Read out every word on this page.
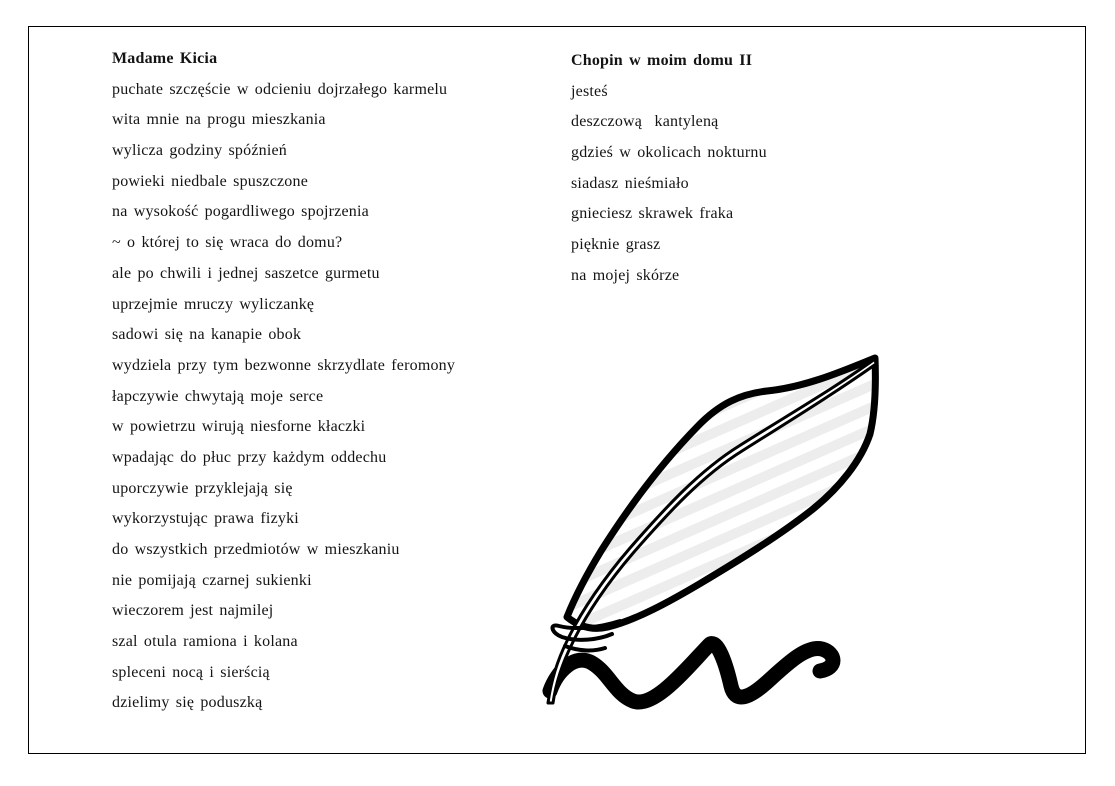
Madame Kicia
puchate szczęście w odcieniu dojrzałego karmelu
wita mnie na progu mieszkania
wylicza godziny spóźnień
powieki niedbale spuszczone
na wysokość pogardliwego spojrzenia
~ o której to się wraca do domu?
ale po chwili i jednej saszetce gurmetu
uprzejmie mruczy wyliczankę
sadowi się na kanapie obok
wydziela przy tym bezwonne skrzydlate feromony
łapczywie chwytają moje serce
w powietrzu wirują niesforne kłaczki
wpadając do płuc przy każdym oddechu
uporczywie przyklejają się
wykorzystując prawa fizyki
do wszystkich przedmiotów w mieszkaniu
nie pomijają czarnej sukienki
wieczorem jest najmilej
szal otula ramiona i kolana
spleceni nocą i sierścią
dzielimy się poduszką
Chopin w moim domu II
jesteś
deszczową  kantyleną
gdzieś w okolicach nokturnu
siadasz nieśmiało
gnieciesz skrawek fraka
pięknie grasz
na mojej skórze
